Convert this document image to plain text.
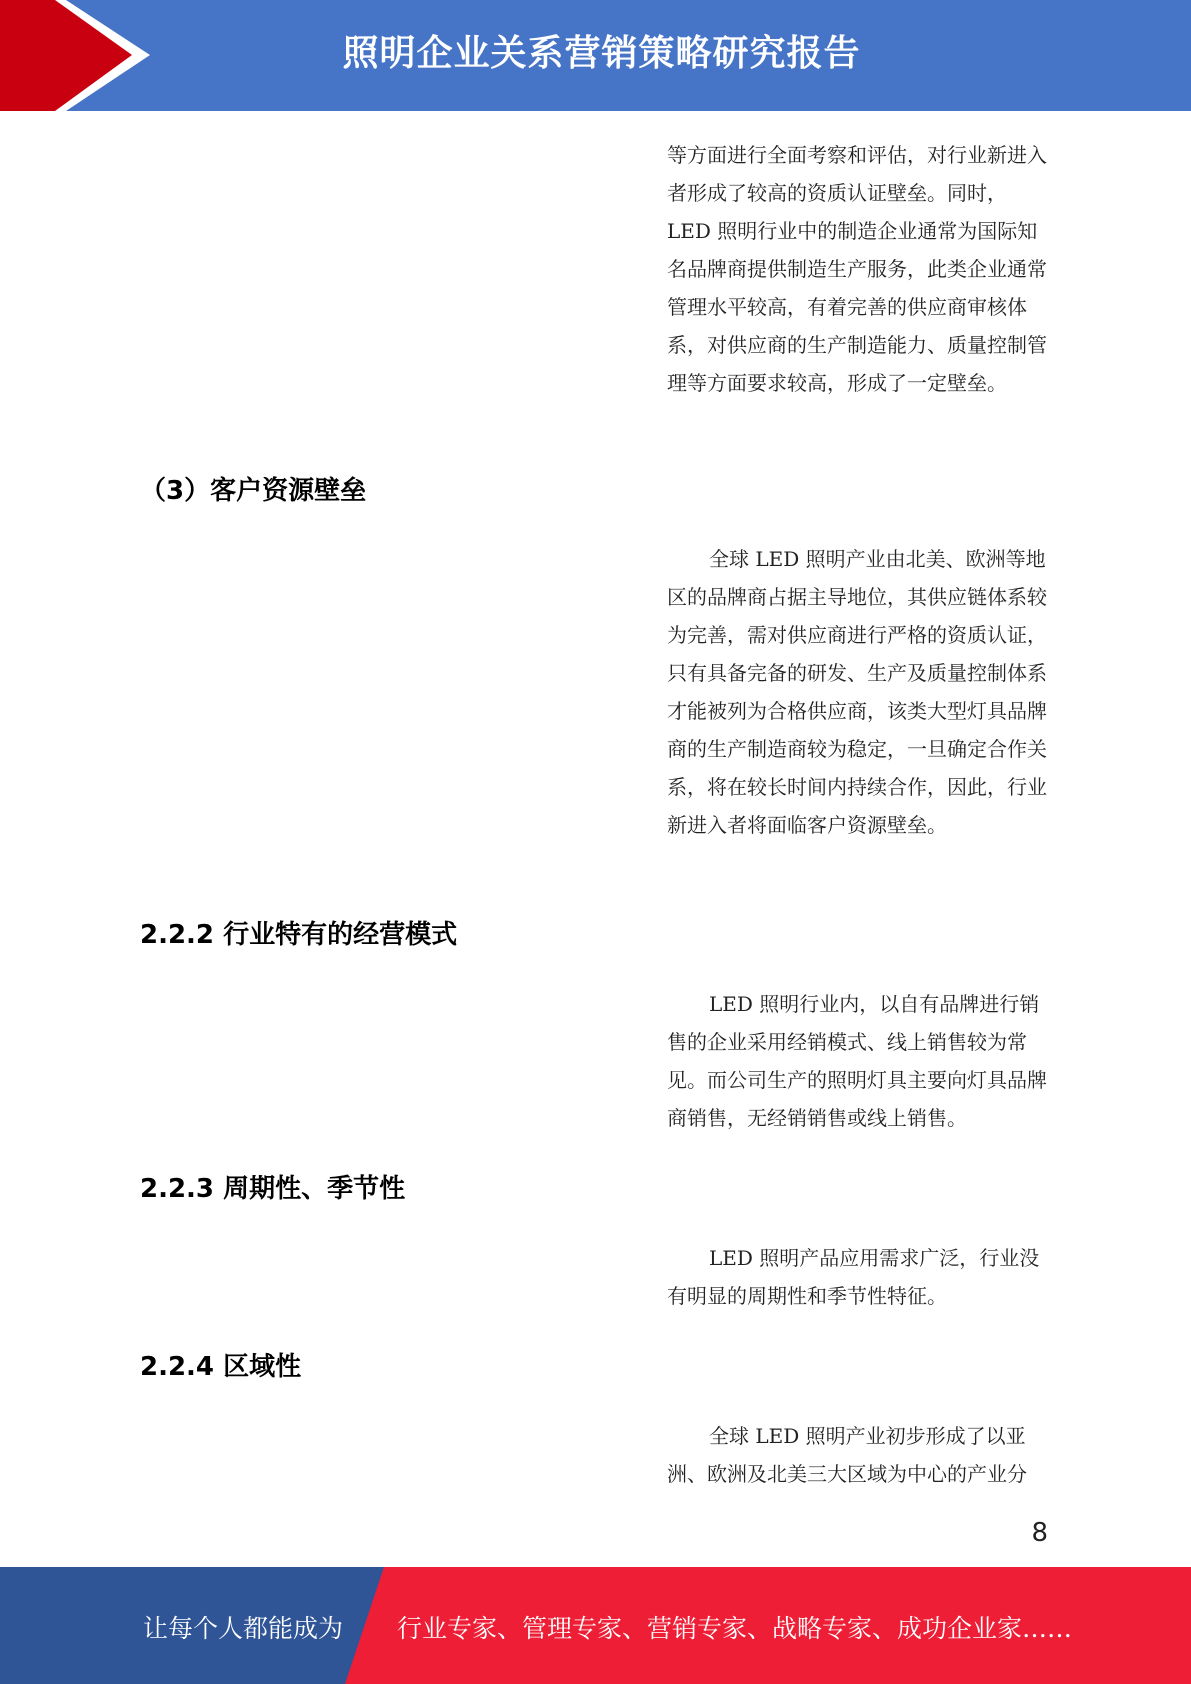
照明企业关系营销策略研究报告

等方面进行全面考察和评估，对行业新进入者形成了较高的资质认证壁垒。同时，LED 照明行业中的制造企业通常为国际知名品牌商提供制造生产服务，此类企业通常管理水平较高，有着完善的供应商审核体系，对供应商的生产制造能力、质量控制管理等方面要求较高，形成了一定壁垒。

（3）客户资源壁垒

全球 LED 照明产业由北美、欧洲等地区的品牌商占据主导地位，其供应链体系较为完善，需对供应商进行严格的资质认证，只有具备完备的研发、生产及质量控制体系才能被列为合格供应商，该类大型灯具品牌商的生产制造商较为稳定，一旦确定合作关系，将在较长时间内持续合作，因此，行业新进入者将面临客户资源壁垒。

2.2.2 行业特有的经营模式

LED 照明行业内，以自有品牌进行销售的企业采用经销模式、线上销售较为常见。而公司生产的照明灯具主要向灯具品牌商销售，无经销销售或线上销售。

2.2.3 周期性、季节性

LED 照明产品应用需求广泛，行业没有明显的周期性和季节性特征。

2.2.4 区域性

全球 LED 照明产业初步形成了以亚洲、欧洲及北美三大区域为中心的产业分

8
让每个人都能成为 行业专家、管理专家、营销专家、战略专家、成功企业家……
